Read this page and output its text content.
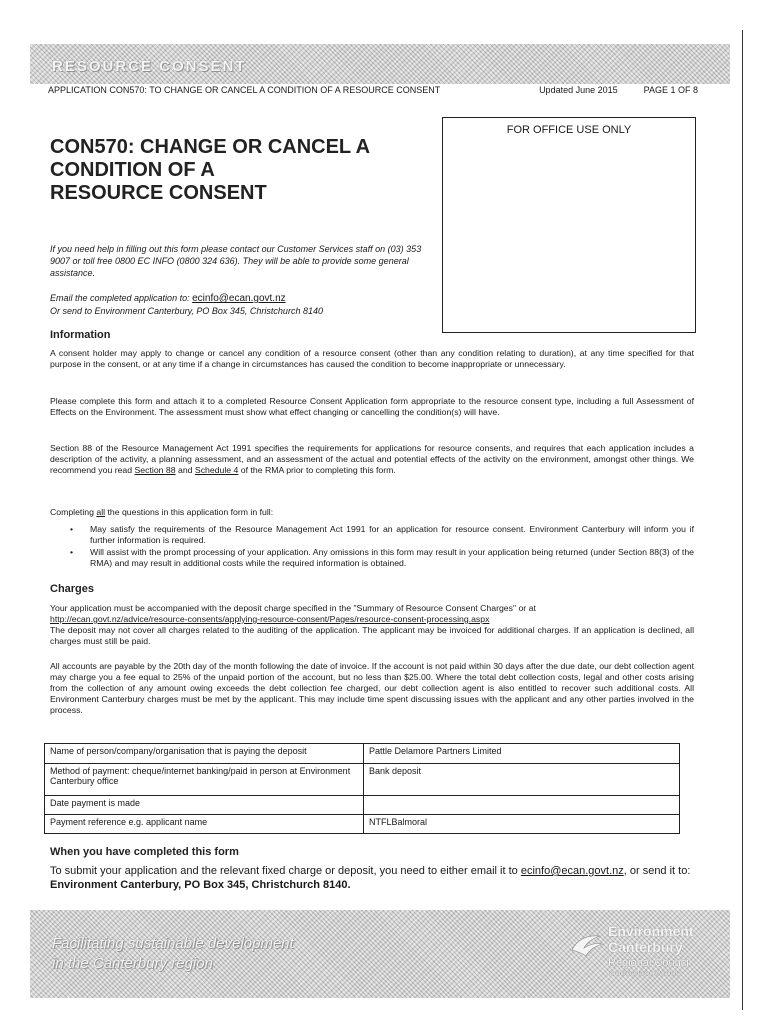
RESOURCE CONSENT
APPLICATION CON570: TO CHANGE OR CANCEL A CONDITION OF A RESOURCE CONSENT	Updated June 2015	PAGE 1 OF 8
CON570: CHANGE OR CANCEL A
CONDITION OF A
RESOURCE CONSENT
FOR OFFICE USE ONLY
If you need help in filling out this form please contact our Customer Services staff on (03) 353 9007 or toll free 0800 EC INFO (0800 324 636). They will be able to provide some general assistance.
Email the completed application to: ecinfo@ecan.govt.nz
Or send to Environment Canterbury, PO Box 345, Christchurch 8140
Information
A consent holder may apply to change or cancel any condition of a resource consent (other than any condition relating to duration), at any time specified for that purpose in the consent, or at any time if a change in circumstances has caused the condition to become inappropriate or unnecessary.
Please complete this form and attach it to a completed Resource Consent Application form appropriate to the resource consent type, including a full Assessment of Effects on the Environment. The assessment must show what effect changing or cancelling the condition(s) will have.
Section 88 of the Resource Management Act 1991 specifies the requirements for applications for resource consents, and requires that each application includes a description of the activity, a planning assessment, and an assessment of the actual and potential effects of the activity on the environment, amongst other things. We recommend you read Section 88 and Schedule 4 of the RMA prior to completing this form.
Completing all the questions in this application form in full:
•	May satisfy the requirements of the Resource Management Act 1991 for an application for resource consent. Environment Canterbury will inform you if further information is required.
•	Will assist with the prompt processing of your application. Any omissions in this form may result in your application being returned (under Section 88(3) of the RMA) and may result in additional costs while the required information is obtained.
Charges
Your application must be accompanied with the deposit charge specified in the "Summary of Resource Consent Charges" or at
http://ecan.govt.nz/advice/resource-consents/applying-resource-consent/Pages/resource-consent-processing.aspx
The deposit may not cover all charges related to the auditing of the application. The applicant may be invoiced for additional charges. If an application is declined, all charges must still be paid.
All accounts are payable by the 20th day of the month following the date of invoice. If the account is not paid within 30 days after the due date, our debt collection agent may charge you a fee equal to 25% of the unpaid portion of the account, but no less than $25.00. Where the total debt collection costs, legal and other costs arising from the collection of any amount owing exceeds the debt collection fee charged, our debt collection agent is also entitled to recover such additional costs. All Environment Canterbury charges must be met by the applicant. This may include time spent discussing issues with the applicant and any other parties involved in the process.
Name of person/company/organisation that is paying the deposit	Pattle Delamore Partners Limited
Method of payment: cheque/internet banking/paid in person at Environment Canterbury office	Bank deposit
Date payment is made	
Payment reference e.g. applicant name	NTFLBalmoral
When you have completed this form
To submit your application and the relevant fixed charge or deposit, you need to either email it to ecinfo@ecan.govt.nz, or send it to: Environment Canterbury, PO Box 345, Christchurch 8140.
Facilitating sustainable development
in the Canterbury region
Environment
Canterbury
Regional Council
Kaunihera Taiao ki Waitaha
